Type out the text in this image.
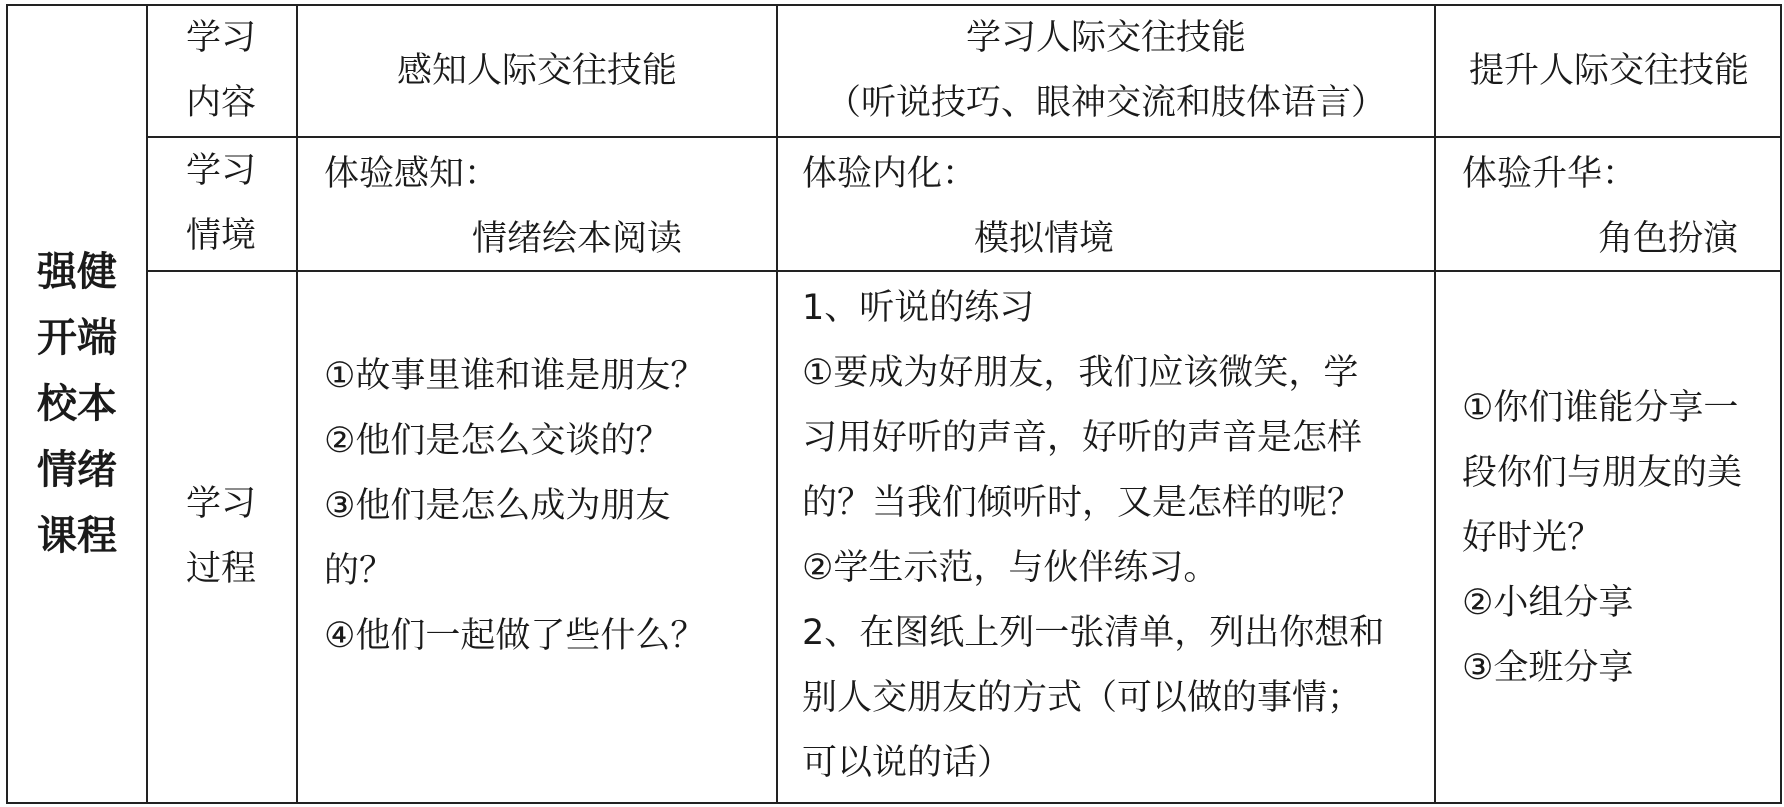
强健
开端
校本
情绪
课程
学习
内容
学习
情境
学习
过程
感知人际交往技能
学习人际交往技能
（听说技巧、眼神交流和肢体语言）
提升人际交往技能
体验感知：
情绪绘本阅读
体验内化：
模拟情境
体验升华：
角色扮演
①故事里谁和谁是朋友？
②他们是怎么交谈的？
③他们是怎么成为朋友
的？
④他们一起做了些什么？
1、听说的练习
①要成为好朋友，我们应该微笑，学
习用好听的声音，好听的声音是怎样
的？当我们倾听时，又是怎样的呢？
②学生示范，与伙伴练习。
2、在图纸上列一张清单，列出你想和
别人交朋友的方式（可以做的事情；
可以说的话）
①你们谁能分享一
段你们与朋友的美
好时光？
②小组分享
③全班分享
